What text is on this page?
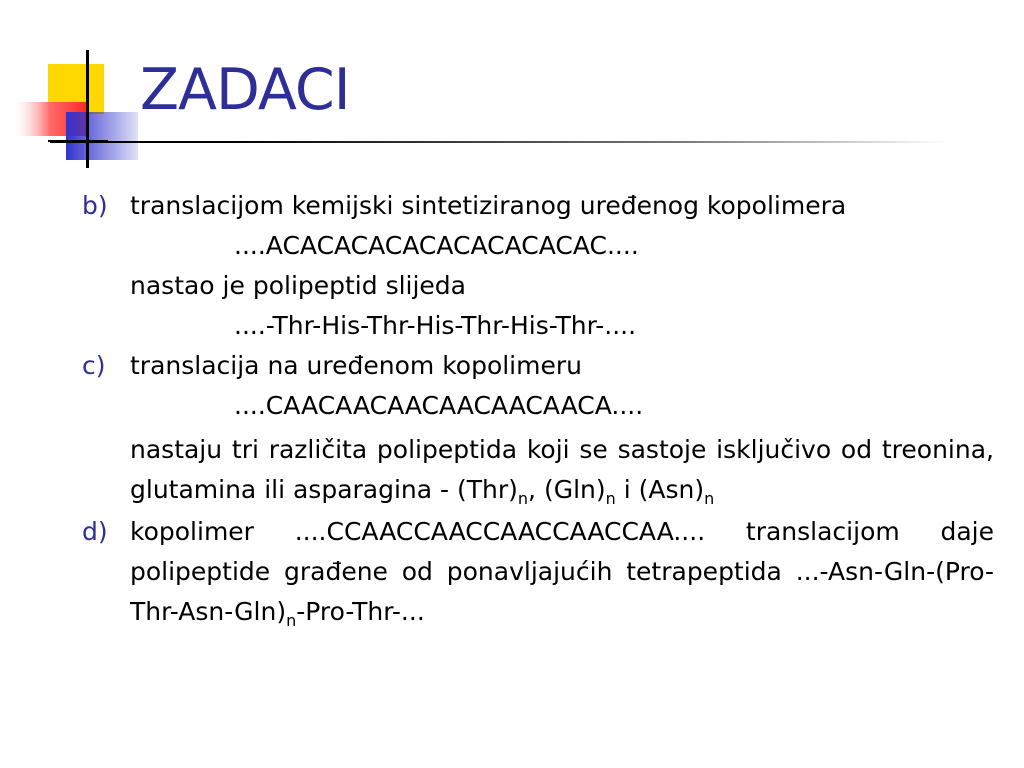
ZADACI
b) translacijom kemijski sintetiziranog uređenog kopolimera
....ACACACACACACACACACAC....
nastao je polipeptid slijeda
....-Thr-His-Thr-His-Thr-His-Thr-....
c) translacija na uređenom kopolimeru
....CAACAACAACAACAACAACA....
nastaju tri različita polipeptida koji se sastoje isključivo od treonina, glutamina ili asparagina - $(Thr)_n$, $(Gln)_n$ i $(Asn)_n$
d) kopolimer ....CCAACCAACCAACCAACCAA.... translacijom daje polipeptide građene od ponavljajućih tetrapeptida $...-Asn-Gln-(Pro-Thr-Asn-Gln)_n-Pro-Thr-$...
